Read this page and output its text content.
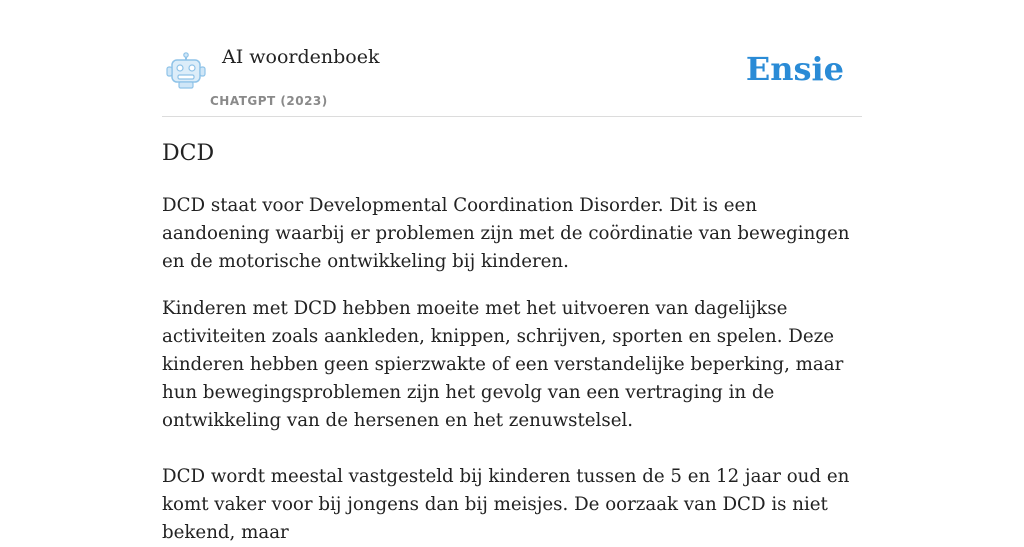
AI woordenboek
CHATGPT (2023)
Ensie
DCD

DCD staat voor Developmental Coordination Disorder. Dit is een aandoening waarbij er problemen zijn met de coördinatie van bewegingen en de motorische ontwikkeling bij kinderen.

Kinderen met DCD hebben moeite met het uitvoeren van dagelijkse activiteiten zoals aankleden, knippen, schrijven, sporten en spelen. Deze kinderen hebben geen spierzwakte of een verstandelijke beperking, maar hun bewegingsproblemen zijn het gevolg van een vertraging in de ontwikkeling van de hersenen en het zenuwstelsel.

DCD wordt meestal vastgesteld bij kinderen tussen de 5 en 12 jaar oud en komt vaker voor bij jongens dan bij meisjes. De oorzaak van DCD is niet bekend, maar
